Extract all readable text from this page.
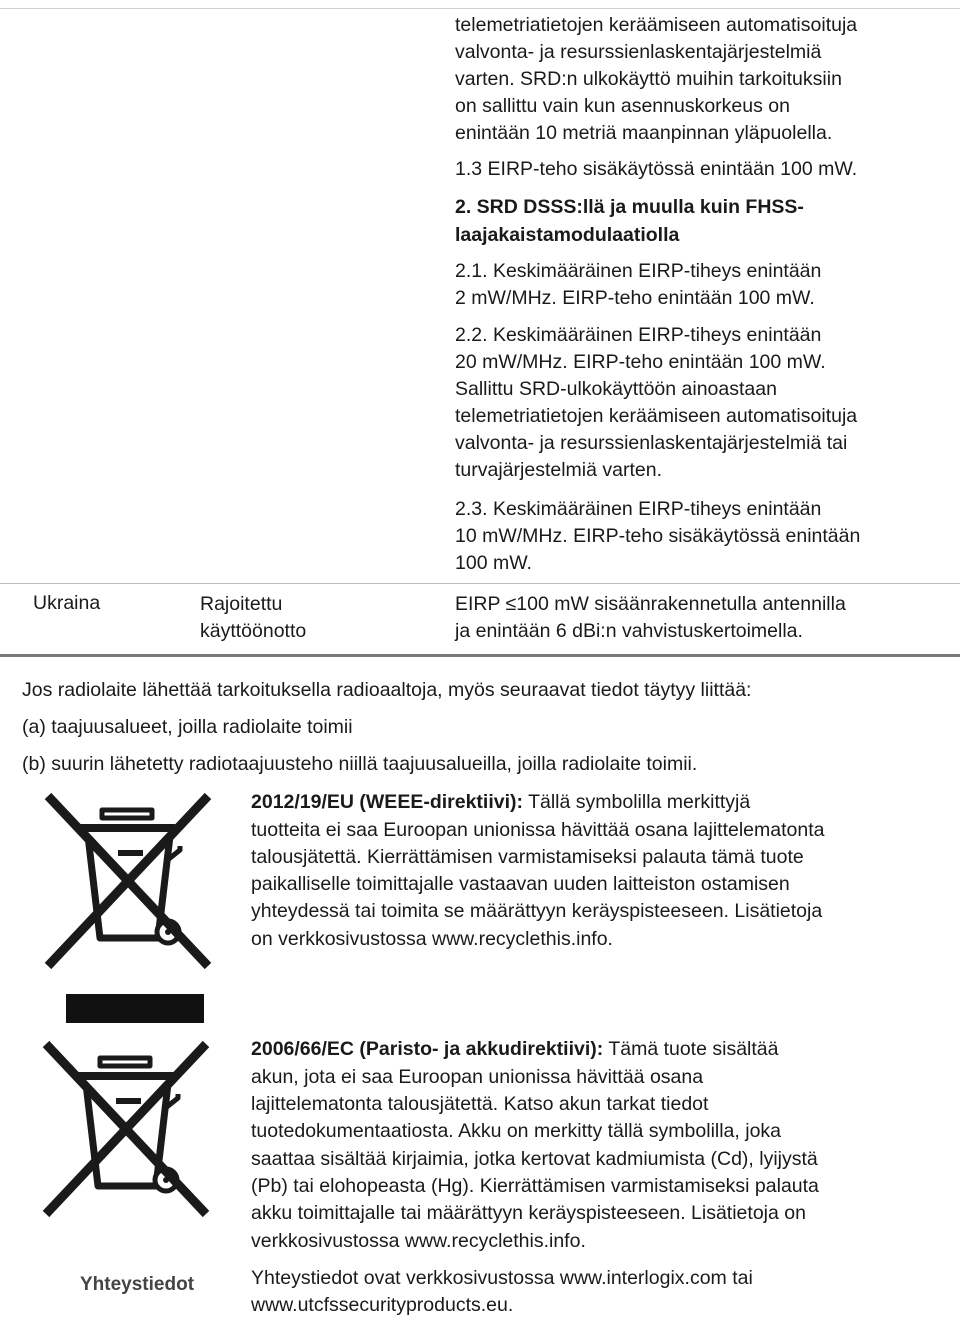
telemetriatietojen keräämiseen automatisoituja
valvonta- ja resurssienlaskentajärjestelmiä
varten. SRD:n ulkokäyttö muihin tarkoituksiin
on sallittu vain kun asennuskorkeus on
enintään 10 metriä maanpinnan yläpuolella.
1.3 EIRP-teho sisäkäytössä enintään 100 mW.
2. SRD DSSS:llä ja muulla kuin FHSS-
laajakaistamodulaatiolla
2.1. Keskimääräinen EIRP-tiheys enintään
2 mW/MHz. EIRP-teho enintään 100 mW.
2.2. Keskimääräinen EIRP-tiheys enintään
20 mW/MHz. EIRP-teho enintään 100 mW.
Sallittu SRD-ulkokäyttöön ainoastaan
telemetriatietojen keräämiseen automatisoituja
valvonta- ja resurssienlaskentajärjestelmiä tai
turvajärjestelmiä varten.
2.3. Keskimääräinen EIRP-tiheys enintään
10 mW/MHz. EIRP-teho sisäkäytössä enintään
100 mW.
Ukraina	Rajoitettu
käyttöönotto
EIRP ≤100 mW sisäänrakennetulla antennilla
ja enintään 6 dBi:n vahvistuskertoimella.
Jos radiolaite lähettää tarkoituksella radioaaltoja, myös seuraavat tiedot täytyy liittää:
(a) taajuusalueet, joilla radiolaite toimii
(b) suurin lähetetty radiotaajuusteho niillä taajuusalueilla, joilla radiolaite toimii.
2012/19/EU (WEEE-direktiivi): Tällä symbolilla merkittyjä
tuotteita ei saa Euroopan unionissa hävittää osana lajittelematonta
talousjätettä. Kierrättämisen varmistamiseksi palauta tämä tuote
paikalliselle toimittajalle vastaavan uuden laitteiston ostamisen
yhteydessä tai toimita se määrättyyn keräyspisteeseen. Lisätietoja
on verkkosivustossa www.recyclethis.info.
2006/66/EC (Paristo- ja akkudirektiivi): Tämä tuote sisältää
akun, jota ei saa Euroopan unionissa hävittää osana
lajittelematonta talousjätettä. Katso akun tarkat tiedot
tuotedokumentaatiosta. Akku on merkitty tällä symbolilla, joka
saattaa sisältää kirjaimia, jotka kertovat kadmiumista (Cd), lyijystä
(Pb) tai elohopeasta (Hg). Kierrättämisen varmistamiseksi palauta
akku toimittajalle tai määrättyyn keräyspisteeseen. Lisätietoja on
verkkosivustossa www.recyclethis.info.
Yhteystiedot	Yhteystiedot ovat verkkosivustossa www.interlogix.com tai
www.utcfssecurityproducts.eu.
